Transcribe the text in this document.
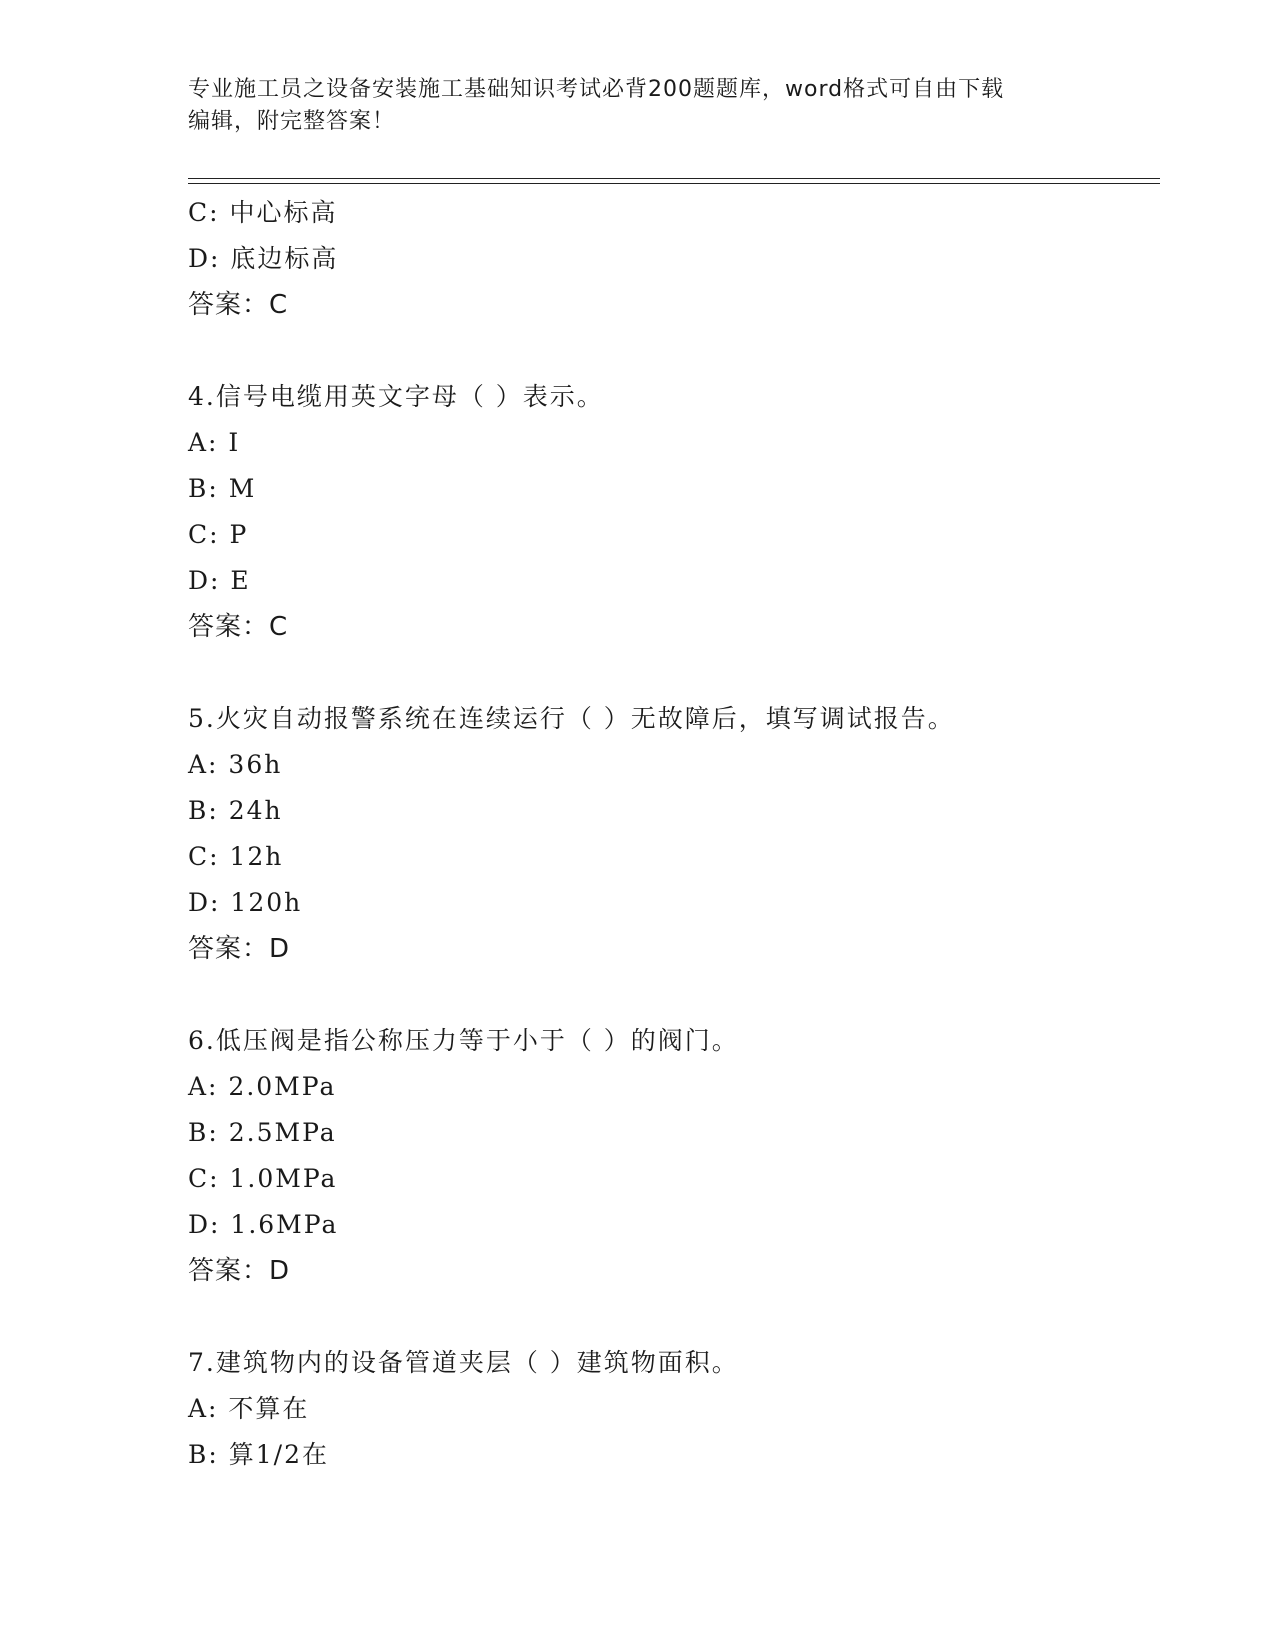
专业施工员之设备安装施工基础知识考试必背200题题库，word格式可自由下载
编辑，附完整答案！
C: 中心标高
D: 底边标高
答案：C
4.信号电缆用英文字母（ ）表示。
A: I
B: M
C: P
D: E
答案：C
5.火灾自动报警系统在连续运行（ ）无故障后，填写调试报告。
A: 36h
B: 24h
C: 12h
D: 120h
答案：D
6.低压阀是指公称压力等于小于（ ）的阀门。
A: 2.0MPa
B: 2.5MPa
C: 1.0MPa
D: 1.6MPa
答案：D
7.建筑物内的设备管道夹层（ ）建筑物面积。
A: 不算在
B: 算1/2在
